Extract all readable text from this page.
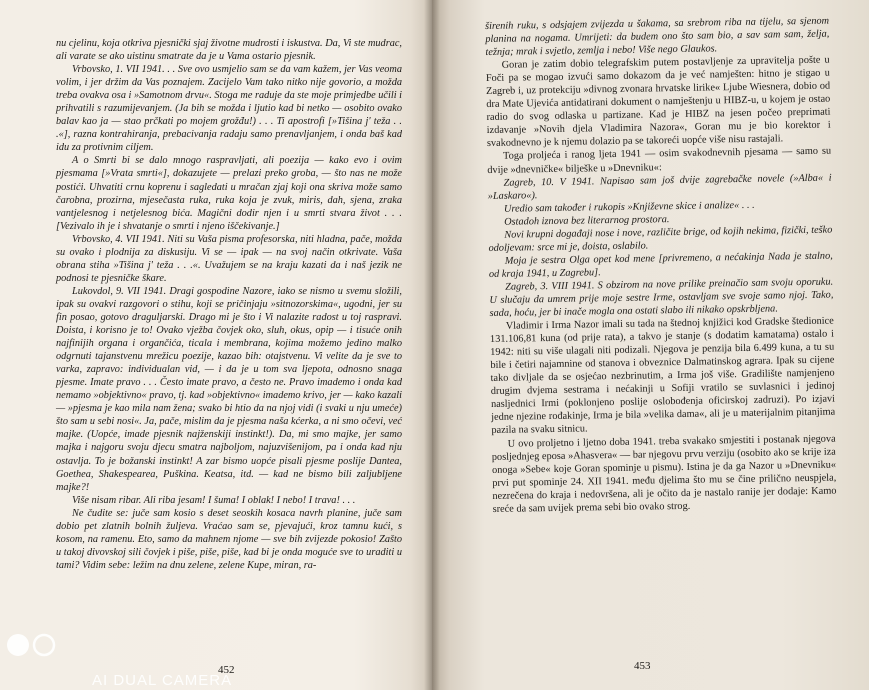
nu cjelinu, koja otkriva pjesnički sjaj životne mudrosti i iskustva. Da, Vi ste mudrac, ali varate se ako uistinu smatrate da je u Vama ostario pjesnik.

Vrbovsko, 1. VII 1941. . . Sve ovo usmjelio sam se da vam kažem, jer Vas veoma volim, i jer držim da Vas poznajem. Zacijelo Vam tako nitko nije govorio, a možda treba ovakva osa i »Samotnom drvu«. Stoga me raduje da ste moje primjedbe učili i prihvatili s razumijevanjem. (Ja bih se možda i ljutio kad bi netko — osobito ovako balav kao ja — stao prčkati po mojem grožđu!) . . . Ti apostrofi [»Tišina j' teža . . .«], razna kontrahiranja, prebacivanja radaju samo prenavljanjem, i onda baš kad idu za protivnim ciljem.

A o Smrti bi se dalo mnogo raspravljati, ali poezija — kako evo i ovim pjesmama [»Vrata smrti«], dokazujete — prelazi preko groba, — što nas ne može postići. Uhvatiti crnu koprenu i sagledati u mračan zjaj koji ona skriva može samo čarobna, prozirna, mjesečasta ruka, ruka koja je zvuk, miris, dah, sjena, zraka vantjelesnog i netjelesnog bića. Magični dodir njen i u smrti stvara život . . . [Vezivalo ih je i shvatanje o smrti i njeno iščekivanje.]

Vrbovsko, 4. VII 1941. Niti su Vaša pisma profesorska, niti hladna, pače, možda su ovako i plodnija za diskusiju. Vi se — ipak — na svoj način otkrivate. Vaša obrana stiha »Tišina j' teža . . .«. Uvažujem se na kraju kazati da i naš jezik ne podnosi te pjesničke škare.

Lukovdol, 9. VII 1941. Dragi gospodine Nazore, iako se nismo u svemu složili, ipak su ovakvi razgovori o stihu, koji se pričinjaju »sitnozorskima«, ugodni, jer su fin posao, gotovo draguljarski. Drago mi je što i Vi nalazite radost u toj raspravi. Doista, i korisno je to! Ovako vježba čovjek oko, sluh, okus, opip — i tisuće onih najfinijih organa i organčića, ticala i membrana, kojima možemo jedino malko odgrnuti tajanstvenu mrežicu poezije, kazao bih: otajstvenu. Vi velite da je sve to varka, zapravo: individualan vid, — i da je u tom sva ljepota, odnosno snaga pjesme. Imate pravo . . . Često imate pravo, a često ne. Pravo imademo i onda kad nemamo »objektivno« pravo, tj. kad »objektivno« imademo krivo, jer — kako kazali — »pjesma je kao mila nam žena; svako bi htio da na njoj vidi (i svaki u nju umeće) što sam u sebi nosi«. Ja, pače, mislim da je pjesma naša kćerka, a ni smo očevi, već majke. (Uopće, imade pjesnik najženskiji instinkt!). Da, mi smo majke, jer samo majka i najgoru svoju djecu smatra najboljom, najuzvišenijom, pa i onda kad nju ostavlja. To je božanski instinkt! A zar bismo uopće pisali pjesme poslije Dantea, Goethea, Shakespearea, Puškina. Keatsa, itd. — kad ne bismo bili zaljubljene majke?!

Više nisam ribar. Ali riba jesam! I šuma! I oblak! I nebo! I trava! . . .

Ne čudite se: juče sam kosio s deset seoskih kosaca navrh planine, juče sam dobio pet zlatnih bolnih žuljeva. Vraćao sam se, pjevajući, kroz tamnu kući, s kosom, na ramenu. Eto, samo da mahnem njome — sve bih zvijezde pokosio! Zašto u takoj divovskoj sili čovjek i piše, piše, piše, kad bi je onda moguće sve to uraditi u tami? Vidim sebe: ležim na dnu zelene, zelene Kupe, miran, ra-

452

širenih ruku, s odsjajem zvijezda u šakama, sa srebrom riba na tijelu, sa sjenom planina na nogama. Umrijeti: da budem ono što sam bio, a sav sam sam, želja, težnja; mrak i svjetlo, zemlja i nebo! Više nego Glaukos.

Goran je zatim dobio telegrafskim putem postavljenje za upravitelja pošte u Foči pa se mogao izvući samo dokazom da je već namješten: hitno je stigao u Zagreb i, uz protekciju »divnog zvonara hrvatske lirike« Ljube Wiesnera, dobio od dra Mate Ujevića antidatirani dokument o namještenju u HIBZ-u, u kojem je ostao radio do svog odlaska u partizane. Kad je HIBZ na jesen počeo preprimati izdavanje »Novih djela Vladimira Nazora«, Goran mu je bio korektor i svakodnevno je k njemu dolazio pa se takoreći uopće više nisu rastajali.

Toga proljeća i ranog ljeta 1941 — osim svakodnevnih pjesama — samo su dvije »dnevničke« bilješke u »Dnevniku«:

Zagreb, 10. V 1941. Napisao sam još dvije zagrebačke novele (»Alba« i »Laskaro«).

Uredio sam također i rukopis »Književne skice i analize« . . .

Ostadoh iznova bez literarnog prostora.

Novi krupni događaji nose i nove, različite brige, od kojih nekima, fizički, teško odoljevam: srce mi je, doista, oslabilo.

Moja je sestra Olga opet kod mene [privremeno, a nećakinja Nada je stalno, od kraja 1941, u Zagrebu].

Zagreb, 3. VIII 1941. S obzirom na nove prilike preinačio sam svoju oporuku. U slučaju da umrem prije moje sestre Irme, ostavljam sve svoje samo njoj. Tako, sada, hoću, jer bi inače mogla ona ostati slabo ili nikako opskrbljena.

Vladimir i Irma Nazor imali su tada na štednoj knjižici kod Gradske štedionice 131.106,81 kuna (od prije rata), a takvo je stanje (s dodatim kamatama) ostalo i 1942: niti su više ulagali niti podizali. Njegova je penzija bila 6.499 kuna, a tu su bile i četiri najamnine od stanova i obveznice Dalmatinskog agrara. Ipak su cijene tako divljale da se osjećao nezbrinutim, a Irma još više. Gradilište namjenjeno drugim dvjema sestrama i nećakinji u Sofiji vratilo se suvlasnici i jedinoj nasljednici Irmi (poklonjeno poslije oslobođenja oficirskoj zadruzi). Po izjavi jedne njezine rođakinje, Irma je bila »velika dama«, ali je u materijalnim pitanjima pazila na svaku sitnicu.

U ovo proljetno i ljetno doba 1941. treba svakako smjestiti i postanak njegova posljednjeg eposa »Ahasvera« — bar njegovu prvu verziju (osobito ako se krije iza onoga »Sebe« koje Goran spominje u pismu). Istina je da ga Nazor u »Dnevniku« prvi put spominje 24. XII 1941. među djelima što mu se čine prilično neuspjela, nezrečena do kraja i nedovršena, ali je očito da je nastalo ranije jer dodaje: Kamo sreće da sam uvijek prema sebi bio ovako strog.

453
AI DUAL CAMERA
